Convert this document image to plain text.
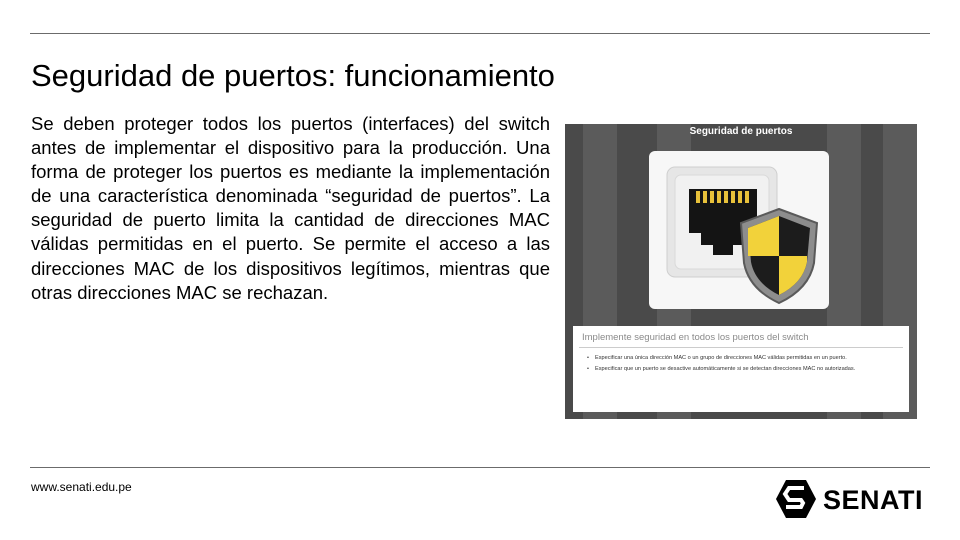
Seguridad de puertos: funcionamiento

Se deben proteger todos los puertos (interfaces) del switch antes de implementar el dispositivo para la producción. Una forma de proteger los puertos es mediante la implementación de una característica denominada “seguridad de puertos”. La seguridad de puerto limita la cantidad de direcciones MAC válidas permitidas en el puerto. Se permite el acceso a las direcciones MAC de los dispositivos legítimos, mientras que otras direcciones MAC se rechazan.

Seguridad de puertos
Implemente seguridad en todos los puertos del switch
• Especificar una única dirección MAC o un grupo de direcciones MAC válidas permitidas en un puerto.
• Especificar que un puerto se desactive automáticamente si se detectan direcciones MAC no autorizadas.
www.senati.edu.pe	SENATI
